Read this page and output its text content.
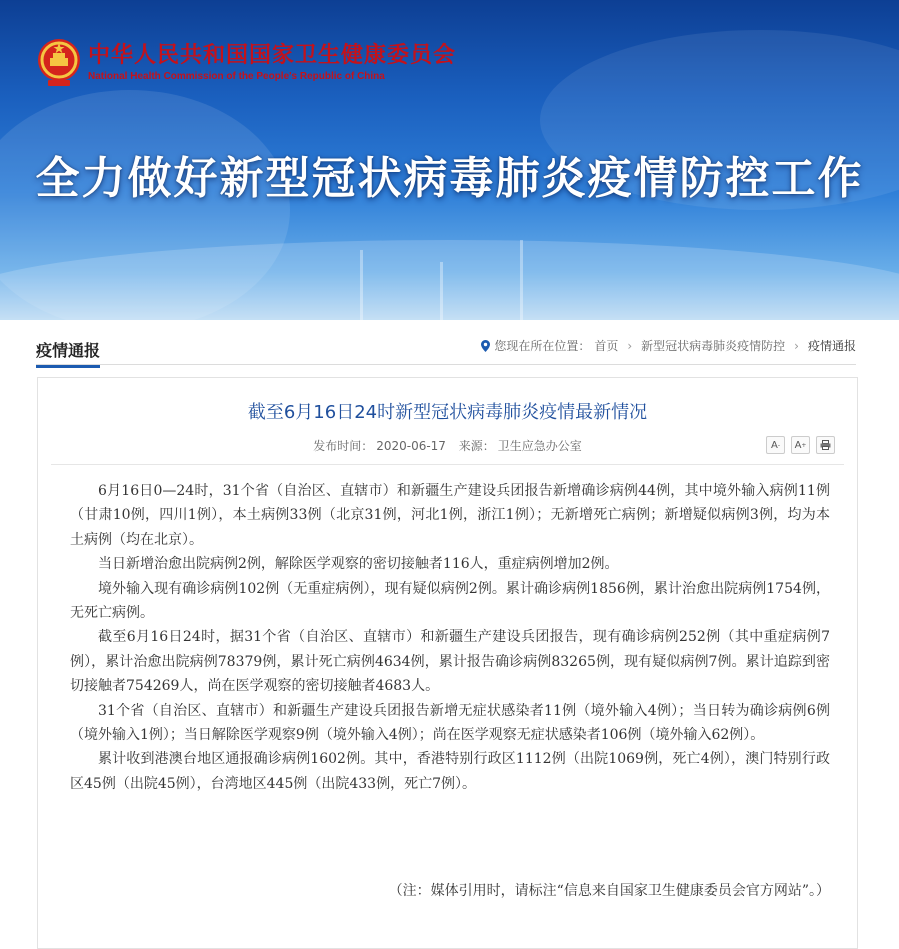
中华人民共和国国家卫生健康委员会
National Health Commission of the People's Republic of China
全力做好新型冠状病毒肺炎疫情防控工作
疫情通报	您现在所在位置： 首页 › 新型冠状病毒肺炎疫情防控 › 疫情通报
截至6月16日24时新型冠状病毒肺炎疫情最新情况
发布时间： 2020-06-17 来源： 卫生应急办公室	A - A +

6月16日0—24时，31个省（自治区、直辖市）和新疆生产建设兵团报告新增确诊病例44例，其中境外输入病例11例（甘肃10例，四川1例），本土病例33例（北京31例，河北1例，浙江1例）；无新增死亡病例；新增疑似病例3例，均为本土病例（均在北京）。

当日新增治愈出院病例2例，解除医学观察的密切接触者116人，重症病例增加2例。

境外输入现有确诊病例102例（无重症病例），现有疑似病例2例。累计确诊病例1856例，累计治愈出院病例1754例，无死亡病例。

截至6月16日24时，据31个省（自治区、直辖市）和新疆生产建设兵团报告，现有确诊病例252例（其中重症病例7例），累计治愈出院病例78379例，累计死亡病例4634例，累计报告确诊病例83265例，现有疑似病例7例。累计追踪到密切接触者754269人，尚在医学观察的密切接触者4683人。

31个省（自治区、直辖市）和新疆生产建设兵团报告新增无症状感染者11例（境外输入4例）；当日转为确诊病例6例（境外输入1例）；当日解除医学观察9例（境外输入4例）；尚在医学观察无症状感染者106例（境外输入62例）。

累计收到港澳台地区通报确诊病例1602例。其中，香港特别行政区1112例（出院1069例，死亡4例），澳门特别行政区45例（出院45例），台湾地区445例（出院433例，死亡7例）。

（注：媒体引用时，请标注“信息来自国家卫生健康委员会官方网站”。）
